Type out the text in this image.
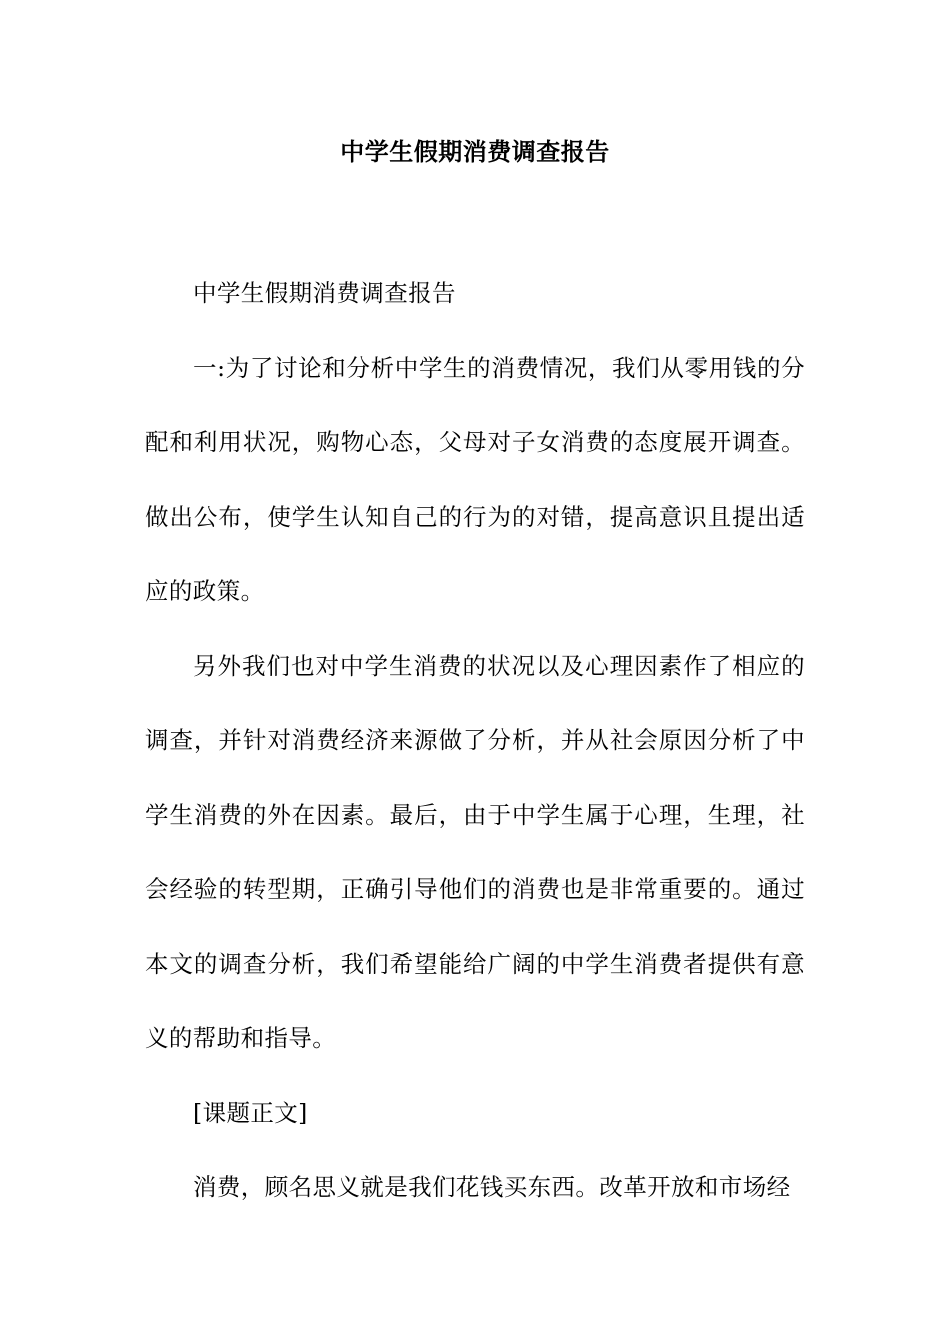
中学生假期消费调查报告

中学生假期消费调查报告

一:为了讨论和分析中学生的消费情况，我们从零用钱的分配和利用状况，购物心态，父母对子女消费的态度展开调查。做出公布，使学生认知自己的行为的对错，提高意识且提出适应的政策。

另外我们也对中学生消费的状况以及心理因素作了相应的调查，并针对消费经济来源做了分析，并从社会原因分析了中学生消费的外在因素。最后，由于中学生属于心理，生理，社会经验的转型期，正确引导他们的消费也是非常重要的。通过本文的调查分析，我们希望能给广阔的中学生消费者提供有意义的帮助和指导。

[课题正文]

消费，顾名思义就是我们花钱买东西。改革开放和市场经
